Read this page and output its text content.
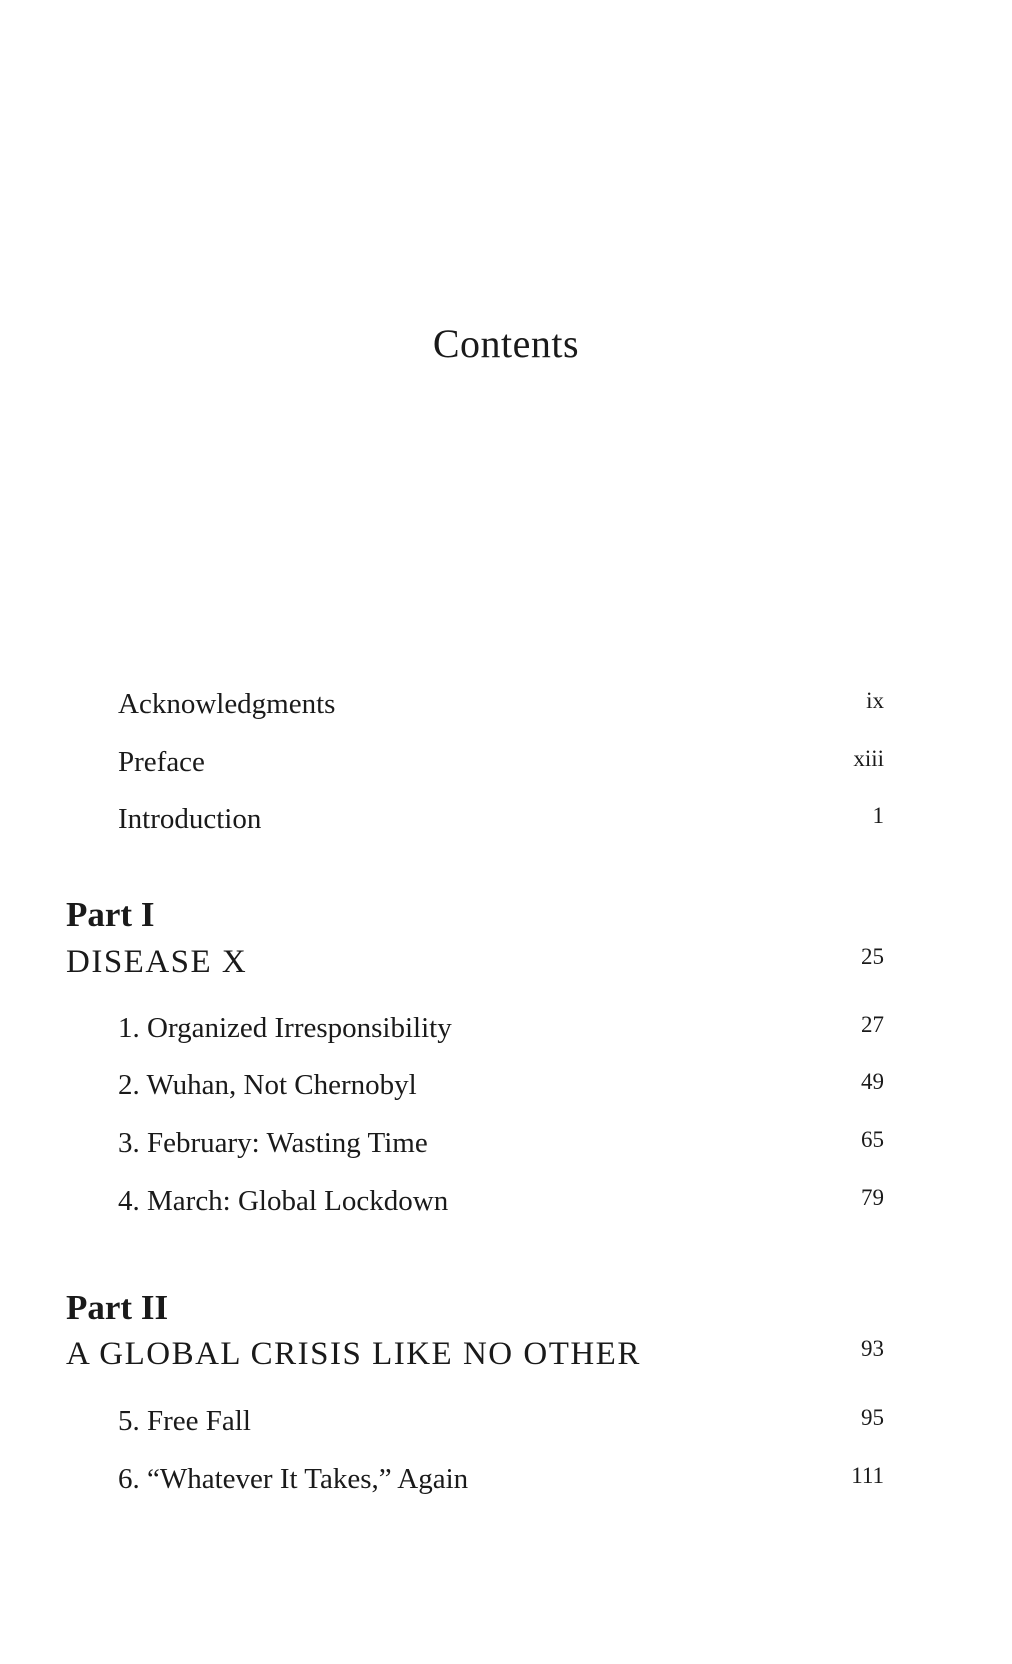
Contents
Acknowledgments	ix
Preface	xiii
Introduction	1
Part I
DISEASE X	25
1. Organized Irresponsibility	27
2. Wuhan, Not Chernobyl	49
3. February: Wasting Time	65
4. March: Global Lockdown	79
Part II
A GLOBAL CRISIS LIKE NO OTHER	93
5. Free Fall	95
6. “Whatever It Takes,” Again	111
